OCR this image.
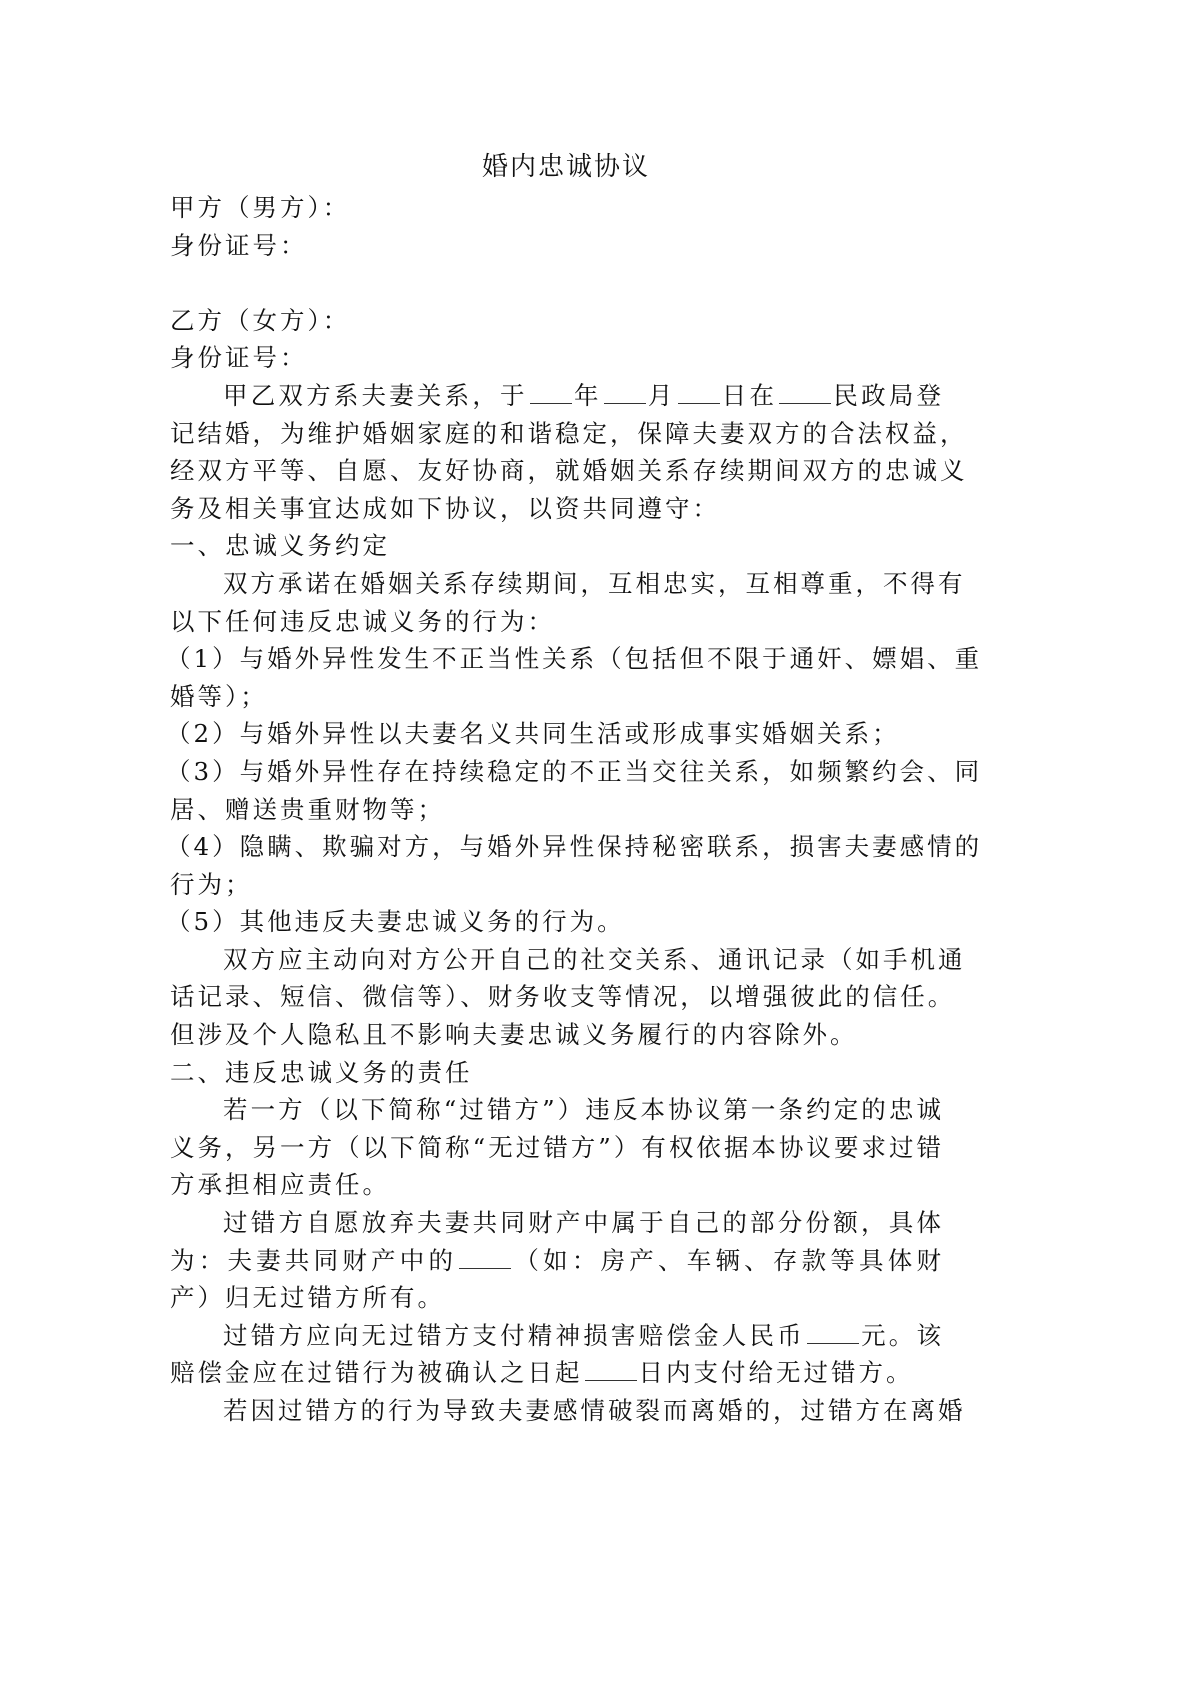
婚内忠诚协议
甲方（男方）：
身份证号：
乙方（女方）：
身份证号：
甲乙双方系夫妻关系，于 年 月 日在 民政局登
记结婚，为维护婚姻家庭的和谐稳定，保障夫妻双方的合法权益，
经双方平等、自愿、友好协商，就婚姻关系存续期间双方的忠诚义
务及相关事宜达成如下协议，以资共同遵守：
一、忠诚义务约定
双方承诺在婚姻关系存续期间，互相忠实，互相尊重，不得有
以下任何违反忠诚义务的行为：
（1）与婚外异性发生不正当性关系（包括但不限于通奸、嫖娼、重
婚等）；
（2）与婚外异性以夫妻名义共同生活或形成事实婚姻关系；
（3）与婚外异性存在持续稳定的不正当交往关系，如频繁约会、同
居、赠送贵重财物等；
（4）隐瞒、欺骗对方，与婚外异性保持秘密联系，损害夫妻感情的
行为；
（5）其他违反夫妻忠诚义务的行为。
双方应主动向对方公开自己的社交关系、通讯记录（如手机通
话记录、短信、微信等）、财务收支等情况，以增强彼此的信任。
但涉及个人隐私且不影响夫妻忠诚义务履行的内容除外。
二、违反忠诚义务的责任
若一方（以下简称“过错方”）违反本协议第一条约定的忠诚
义务，另一方（以下简称“无过错方”）有权依据本协议要求过错
方承担相应责任。
过错方自愿放弃夫妻共同财产中属于自己的部分份额，具体
为：夫妻共同财产中的 （如：房产、车辆、存款等具体财
产）归无过错方所有。
过错方应向无过错方支付精神损害赔偿金人民币 元。该
赔偿金应在过错行为被确认之日起 日内支付给无过错方。
若因过错方的行为导致夫妻感情破裂而离婚的，过错方在离婚
